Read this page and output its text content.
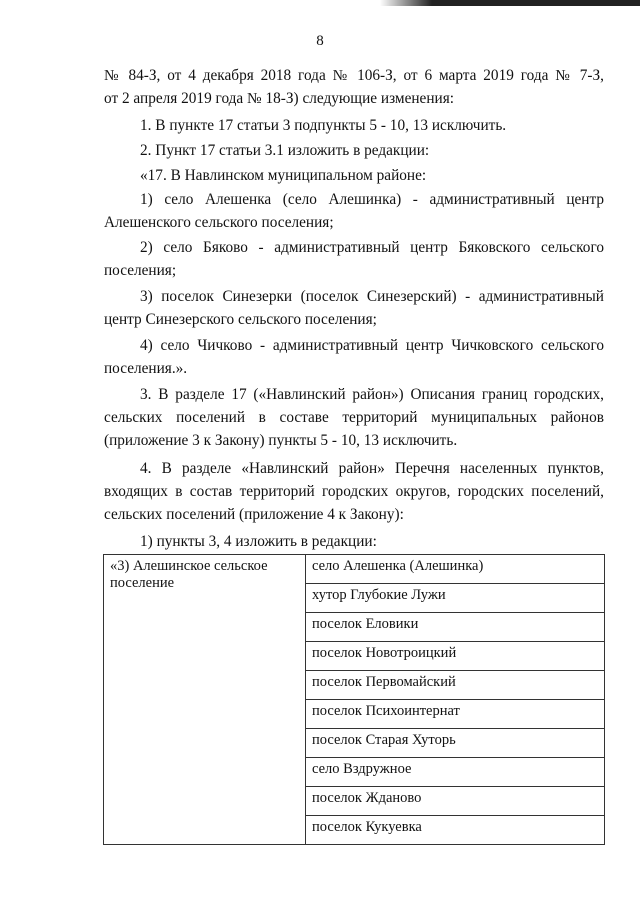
8

№ 84-З, от 4 декабря 2018 года № 106-З, от 6 марта 2019 года № 7-З,
от 2 апреля 2019 года № 18-З) следующие изменения:

1. В пункте 17 статьи 3 подпункты 5 - 10, 13 исключить.

2. Пункт 17 статьи 3.1 изложить в редакции:

«17. В Навлинском муниципальном районе:

1) село Алешенка (село Алешинка) - административный центр Алешенского сельского поселения;

2) село Бяково - административный центр Бяковского сельского поселения;

3) поселок Синезерки (поселок Синезерский) - административный центр Синезерского сельского поселения;

4) село Чичково - административный центр Чичковского сельского поселения.».

3. В разделе 17 («Навлинский район») Описания границ городских, сельских поселений в составе территорий муниципальных районов (приложение 3 к Закону) пункты 5 - 10, 13 исключить.

4. В разделе «Навлинский район» Перечня населенных пунктов, входящих в состав территорий городских округов, городских поселений, сельских поселений (приложение 4 к Закону):

1) пункты 3, 4 изложить в редакции:

«3) Алешинское сельское поселение	село Алешенка (Алешинка)
хутор Глубокие Лужи
поселок Еловики
поселок Новотроицкий
поселок Первомайский
поселок Психоинтернат
поселок Старая Хуторь
село Вздружное
поселок Жданово
поселок Кукуевка
